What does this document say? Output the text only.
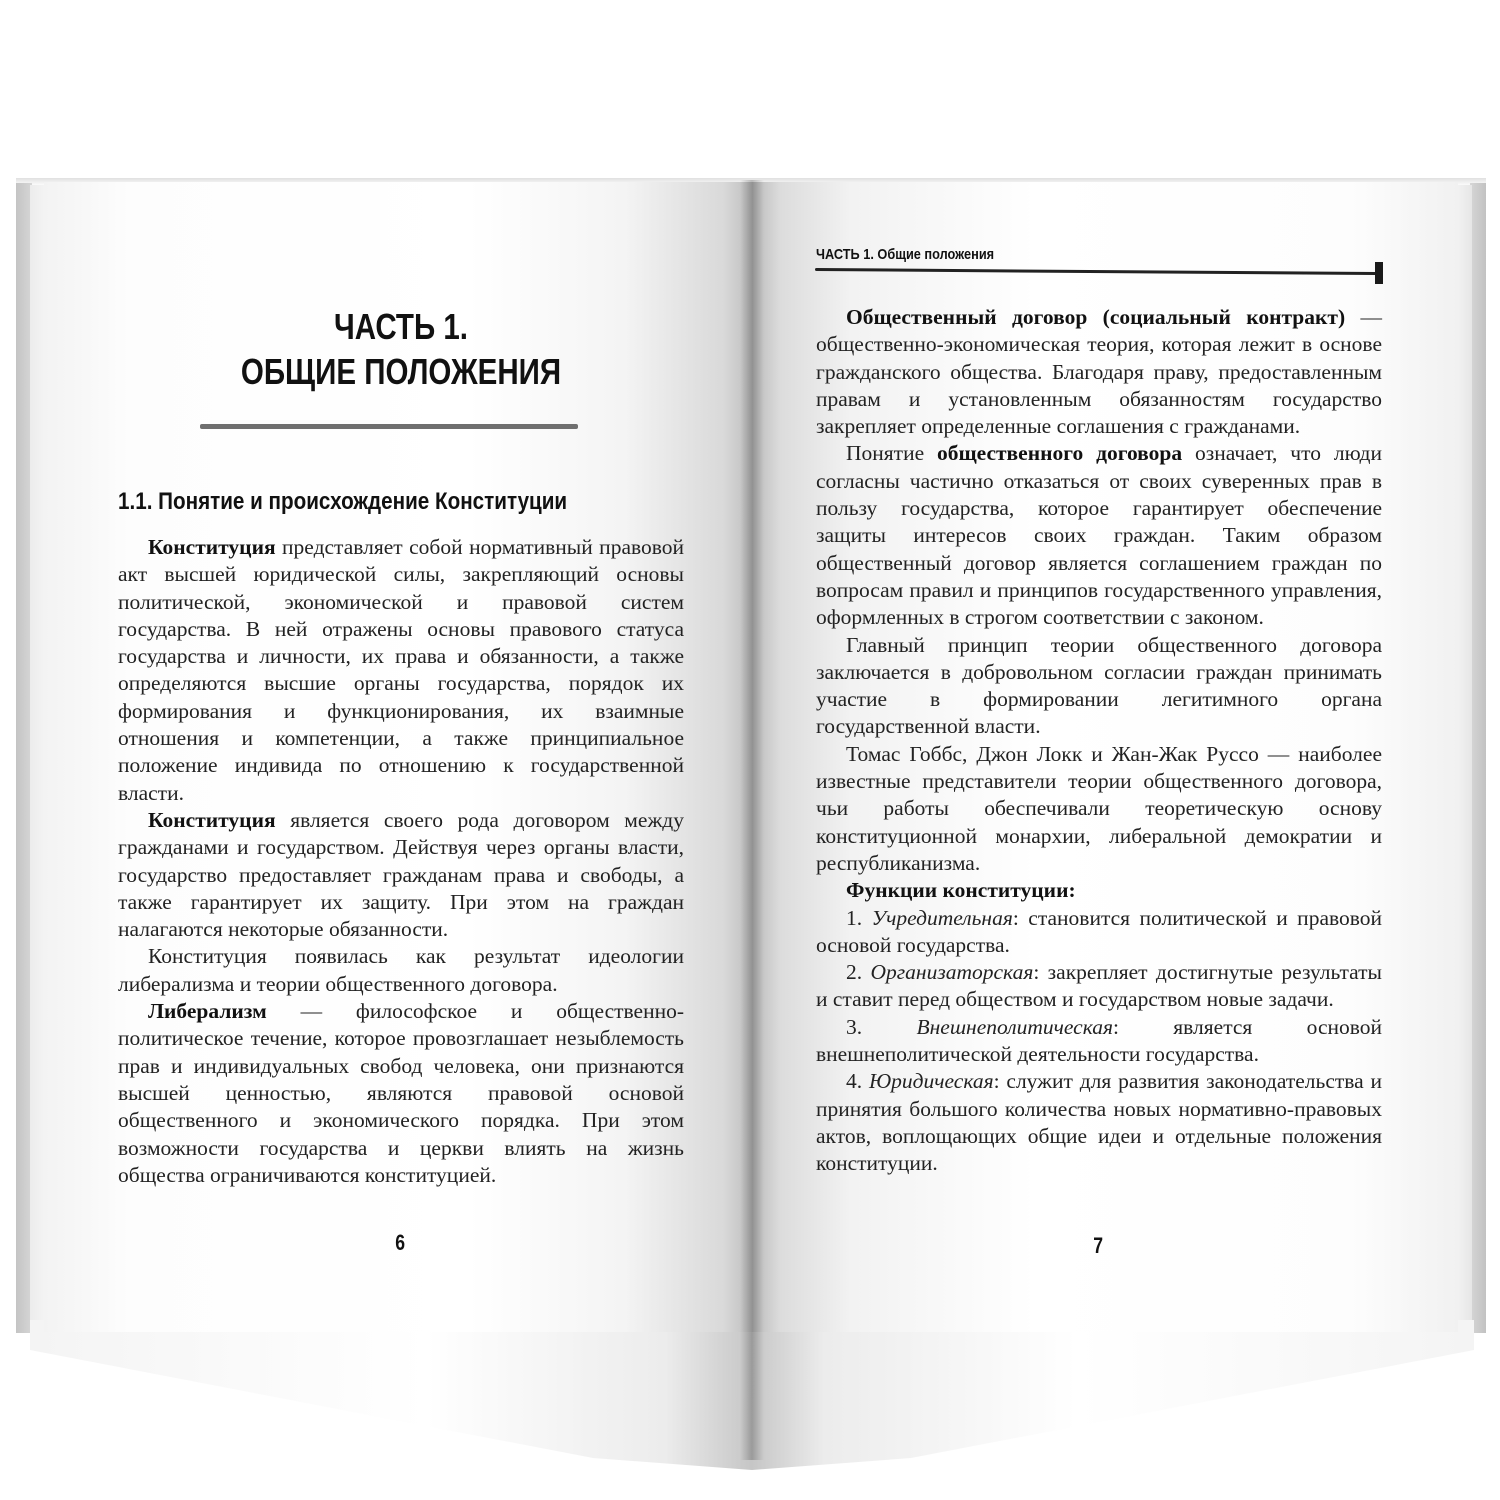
ЧАСТЬ 1.
ОБЩИЕ ПОЛОЖЕНИЯ
1.1. Понятие и происхождение Конституции

Конституция представляет собой нормативный правовой акт высшей юридической силы, закрепляющий основы политической, экономической и правовой систем государства. В ней отражены основы правового статуса государства и личности, их права и обязанности, а также определяются высшие органы государства, порядок их формирования и функционирования, их взаимные отношения и компетенции, а также принципиальное положение индивида по отношению к государственной власти.

Конституция является своего рода договором между гражданами и государством. Действуя через органы власти, государство предоставляет гражданам права и свободы, а также гарантирует их защиту. При этом на граждан налагаются некоторые обязанности.

Конституция появилась как результат идеологии либерализма и теории общественного договора.

Либерализм — философское и общественно-политическое течение, которое провозглашает незыблемость прав и индивидуальных свобод человека, они признаются высшей ценностью, являются правовой основой общественного и экономического порядка. При этом возможности государства и церкви влиять на жизнь общества ограничиваются конституцией.

6
ЧАСТЬ 1. Общие положения

Общественный договор (социальный контракт) — общественно-экономическая теория, которая лежит в основе гражданского общества. Благодаря праву, предоставленным правам и установленным обязанностям государство закрепляет определенные соглашения с гражданами.

Понятие общественного договора означает, что люди согласны частично отказаться от своих суверенных прав в пользу государства, которое гарантирует обеспечение защиты интересов своих граждан. Таким образом общественный договор является соглашением граждан по вопросам правил и принципов государственного управления, оформленных в строгом соответствии с законом.

Главный принцип теории общественного договора заключается в добровольном согласии граждан принимать участие в формировании легитимного органа государственной власти.

Томас Гоббс, Джон Локк и Жан-Жак Руссо — наиболее известные представители теории общественного договора, чьи работы обеспечивали теоретическую основу конституционной монархии, либеральной демократии и республиканизма.

Функции конституции:

1. Учредительная: становится политической и правовой основой государства.

2. Организаторская: закрепляет достигнутые результаты и ставит перед обществом и государством новые задачи.

3. Внешнеполитическая: является основой внешнеполитической деятельности государства.

4. Юридическая: служит для развития законодательства и принятия большого количества новых нормативно-правовых актов, воплощающих общие идеи и отдельные положения конституции.

7
